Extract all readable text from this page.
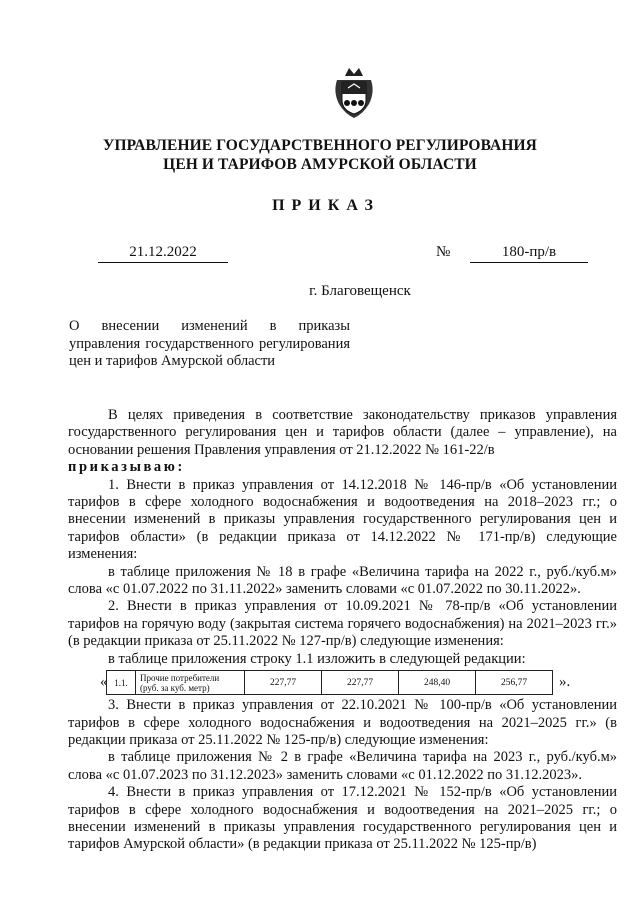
УПРАВЛЕНИЕ ГОСУДАРСТВЕННОГО РЕГУЛИРОВАНИЯ
ЦЕН И ТАРИФОВ АМУРСКОЙ ОБЛАСТИ
ПРИКАЗ
21.12.2022	№	180-пр/в
г. Благовещенск
О внесении изменений в приказы управления государственного регулирования цен и тарифов Амурской области

В целях приведения в соответствие законодательству приказов управления государственного регулирования цен и тарифов области (далее – управление), на основании решения Правления управления от 21.12.2022 № 161-22/в

приказываю:

1. Внести в приказ управления от 14.12.2018 № 146-пр/в «Об установлении тарифов в сфере холодного водоснабжения и водоотведения на 2018–2023 гг.; о внесении изменений в приказы управления государственного регулирования цен и тарифов области» (в редакции приказа от 14.12.2022 № 171-пр/в) следующие изменения:

в таблице приложения № 18 в графе «Величина тарифа на 2022 г., руб./куб.м» слова «с 01.07.2022 по 31.11.2022» заменить словами «с 01.07.2022 по 30.11.2022».

2. Внести в приказ управления от 10.09.2021 № 78-пр/в «Об установлении тарифов на горячую воду (закрытая система горячего водоснабжения) на 2021–2023 гг.» (в редакции приказа от 25.11.2022 № 127-пр/в) следующие изменения:

в таблице приложения строку 1.1 изложить в следующей редакции:

« 1.1.	Прочие потребители
(руб. за куб. метр)	227,77	227,77	248,40	256,77	».

3. Внести в приказ управления от 22.10.2021 № 100-пр/в «Об установлении тарифов в сфере холодного водоснабжения и водоотведения на 2021–2025 гг.» (в редакции приказа от 25.11.2022 № 125-пр/в) следующие изменения:

в таблице приложения № 2 в графе «Величина тарифа на 2023 г., руб./куб.м» слова «с 01.07.2023 по 31.12.2023» заменить словами «с 01.12.2022 по 31.12.2023».

4. Внести в приказ управления от 17.12.2021 № 152-пр/в «Об установлении тарифов в сфере холодного водоснабжения и водоотведения на 2021–2025 гг.; о внесении изменений в приказы управления государственного регулирования цен и тарифов Амурской области» (в редакции приказа от 25.11.2022 № 125-пр/в)
